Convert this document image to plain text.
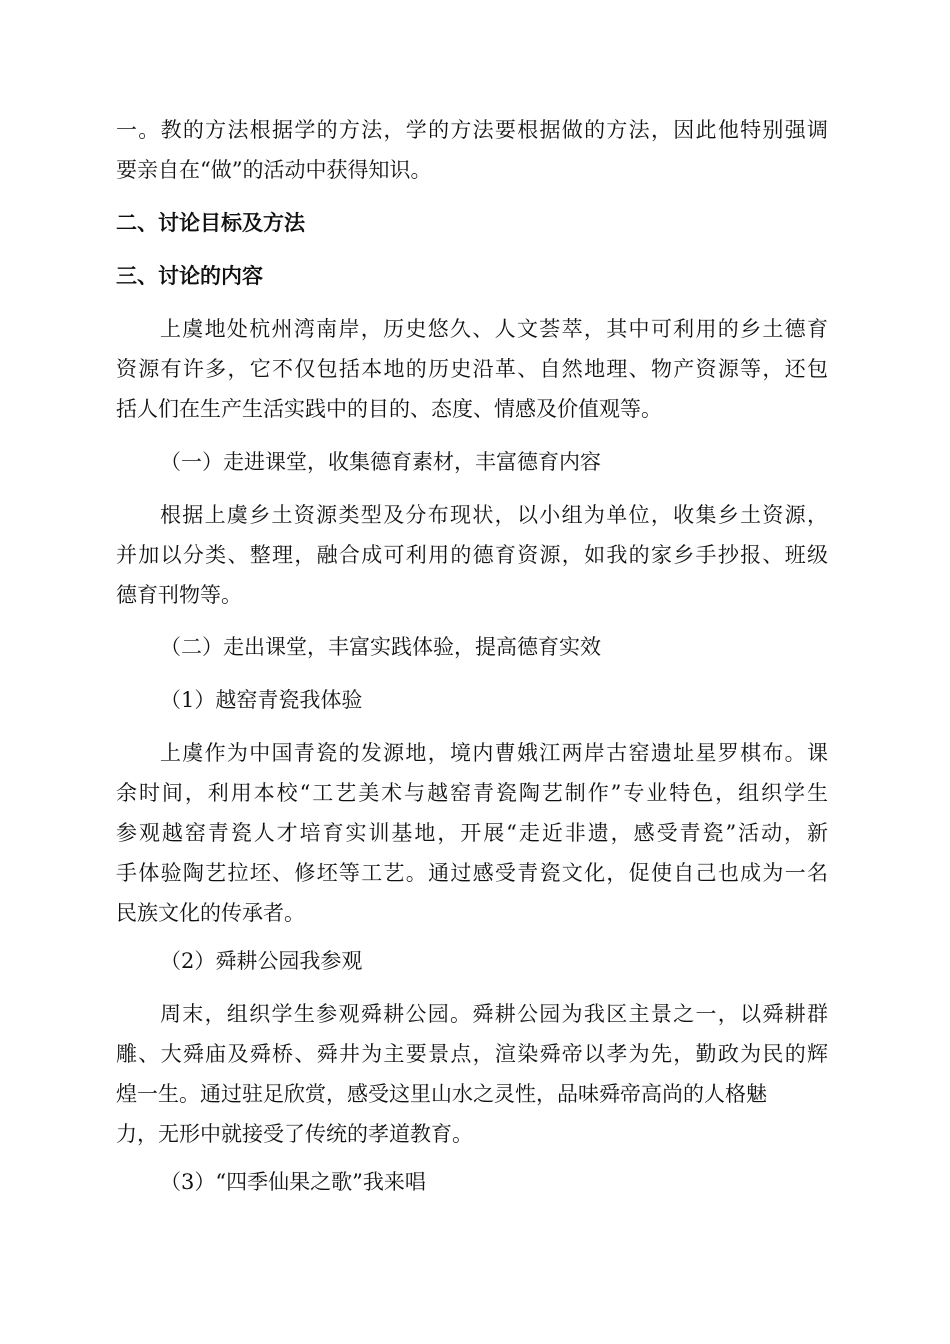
一。教的方法根据学的方法，学的方法要根据做的方法，因此他特别强调
要亲自在“做”的活动中获得知识。
二、讨论目标及方法
三、讨论的内容
上虞地处杭州湾南岸，历史悠久、人文荟萃，其中可利用的乡土德育
资源有许多，它不仅包括本地的历史沿革、自然地理、物产资源等，还包
括人们在生产生活实践中的目的、态度、情感及价值观等。
（一）走进课堂，收集德育素材，丰富德育内容
根据上虞乡土资源类型及分布现状，以小组为单位，收集乡土资源，
并加以分类、整理，融合成可利用的德育资源，如我的家乡手抄报、班级
德育刊物等。
（二）走出课堂，丰富实践体验，提高德育实效
（1）越窑青瓷我体验
上虞作为中国青瓷的发源地，境内曹娥江两岸古窑遗址星罗棋布。课
余时间，利用本校“工艺美术与越窑青瓷陶艺制作”专业特色，组织学生
参观越窑青瓷人才培育实训基地，开展“走近非遗，感受青瓷”活动，新
手体验陶艺拉坯、修坯等工艺。通过感受青瓷文化，促使自己也成为一名
民族文化的传承者。
（2）舜耕公园我参观
周末，组织学生参观舜耕公园。舜耕公园为我区主景之一，以舜耕群
雕、大舜庙及舜桥、舜井为主要景点，渲染舜帝以孝为先，勤政为民的辉
煌一生。通过驻足欣赏，感受这里山水之灵性，品味舜帝高尚的人格魅
力，无形中就接受了传统的孝道教育。
（3）“四季仙果之歌”我来唱
